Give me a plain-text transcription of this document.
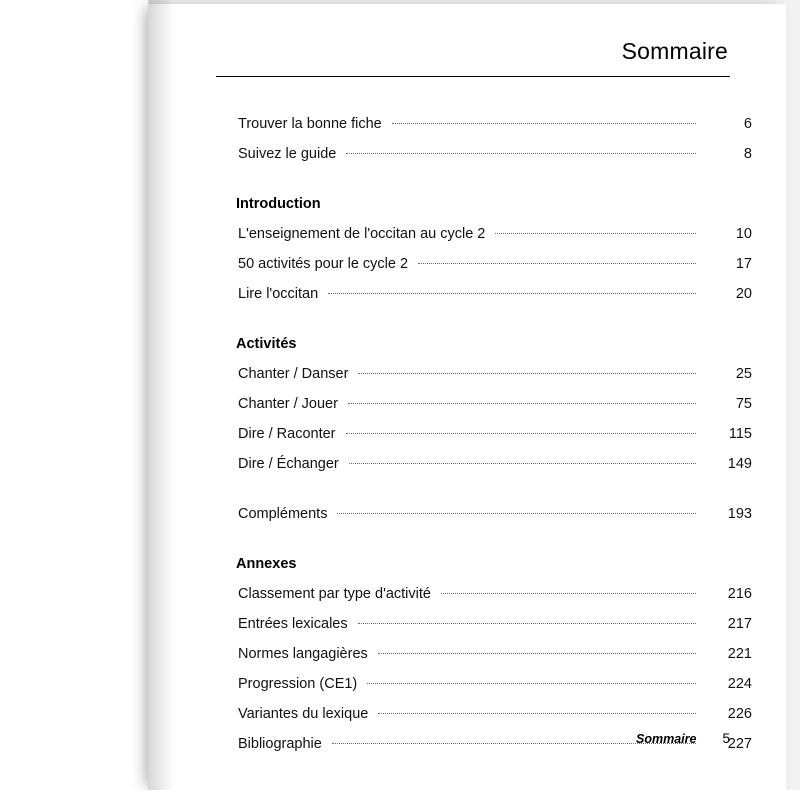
Sommaire
Trouver la bonne fiche	6
Suivez le guide	8
Introduction
L'enseignement de l'occitan au cycle 2	10
50 activités pour le cycle 2	17
Lire l'occitan	20
Activités
Chanter / Danser	25
Chanter / Jouer	75
Dire / Raconter	115
Dire / Échanger	149
Compléments	193
Annexes
Classement par type d'activité	216
Entrées lexicales	217
Normes langagières	221
Progression (CE1)	224
Variantes du lexique	226
Bibliographie	227
Sommaire 5
